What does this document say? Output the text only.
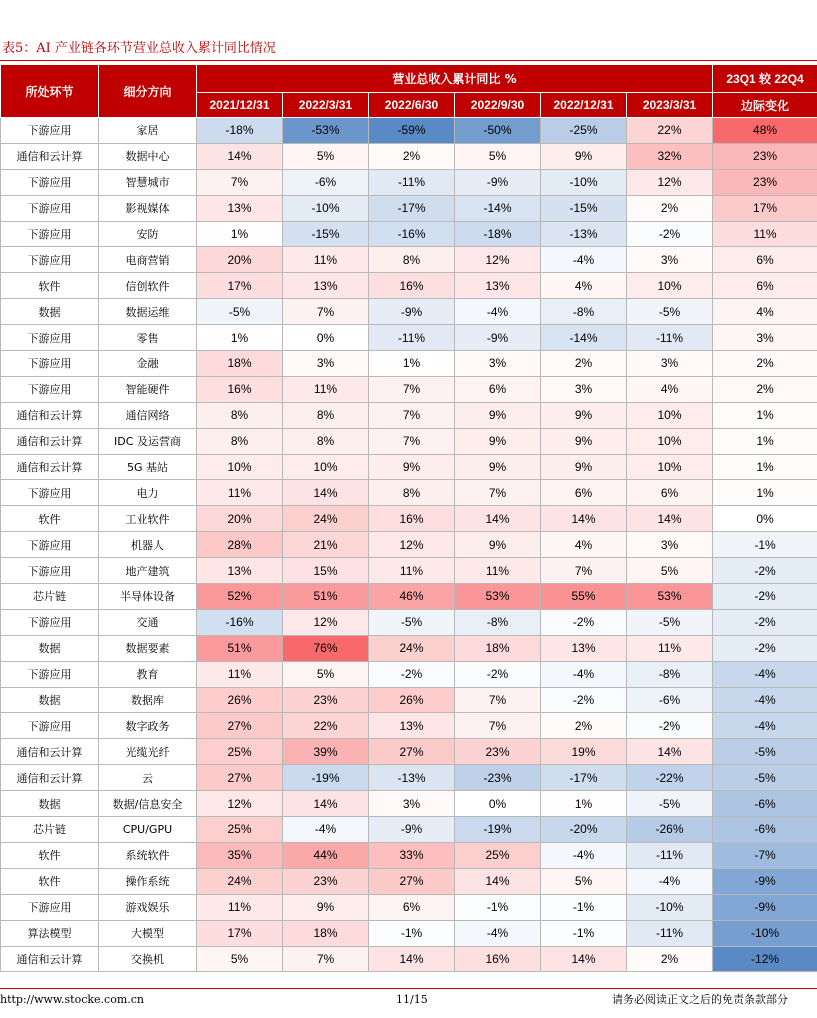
表5：AI 产业链各环节营业总收入累计同比情况
所处环节	细分方向	营业总收入累计同比 %						23Q1 较 22Q4
		2021/12/31	2022/3/31	2022/6/30	2022/9/30	2022/12/31	2023/3/31	边际变化
下游应用	家居	-18%	-53%	-59%	-50%	-25%	22%	48%
通信和云计算	数据中心	14%	5%	2%	5%	9%	32%	23%
下游应用	智慧城市	7%	-6%	-11%	-9%	-10%	12%	23%
下游应用	影视媒体	13%	-10%	-17%	-14%	-15%	2%	17%
下游应用	安防	1%	-15%	-16%	-18%	-13%	-2%	11%
下游应用	电商营销	20%	11%	8%	12%	-4%	3%	6%
软件	信创软件	17%	13%	16%	13%	4%	10%	6%
数据	数据运维	-5%	7%	-9%	-4%	-8%	-5%	4%
下游应用	零售	1%	0%	-11%	-9%	-14%	-11%	3%
下游应用	金融	18%	3%	1%	3%	2%	3%	2%
下游应用	智能硬件	16%	11%	7%	6%	3%	4%	2%
通信和云计算	通信网络	8%	8%	7%	9%	9%	10%	1%
通信和云计算	IDC 及运营商	8%	8%	7%	9%	9%	10%	1%
通信和云计算	5G 基站	10%	10%	9%	9%	9%	10%	1%
下游应用	电力	11%	14%	8%	7%	6%	6%	1%
软件	工业软件	20%	24%	16%	14%	14%	14%	0%
下游应用	机器人	28%	21%	12%	9%	4%	3%	-1%
下游应用	地产建筑	13%	15%	11%	11%	7%	5%	-2%
芯片链	半导体设备	52%	51%	46%	53%	55%	53%	-2%
下游应用	交通	-16%	12%	-5%	-8%	-2%	-5%	-2%
数据	数据要素	51%	76%	24%	18%	13%	11%	-2%
下游应用	教育	11%	5%	-2%	-2%	-4%	-8%	-4%
数据	数据库	26%	23%	26%	7%	-2%	-6%	-4%
下游应用	数字政务	27%	22%	13%	7%	2%	-2%	-4%
通信和云计算	光缆光纤	25%	39%	27%	23%	19%	14%	-5%
通信和云计算	云	27%	-19%	-13%	-23%	-17%	-22%	-5%
数据	数据/信息安全	12%	14%	3%	0%	1%	-5%	-6%
芯片链	CPU/GPU	25%	-4%	-9%	-19%	-20%	-26%	-6%
软件	系统软件	35%	44%	33%	25%	-4%	-11%	-7%
软件	操作系统	24%	23%	27%	14%	5%	-4%	-9%
下游应用	游戏娱乐	11%	9%	6%	-1%	-1%	-10%	-9%
算法模型	大模型	17%	18%	-1%	-4%	-1%	-11%	-10%
通信和云计算	交换机	5%	7%	14%	16%	14%	2%	-12%
http://www.stocke.com.cn	11/15	请务必阅读正文之后的免责条款部分
